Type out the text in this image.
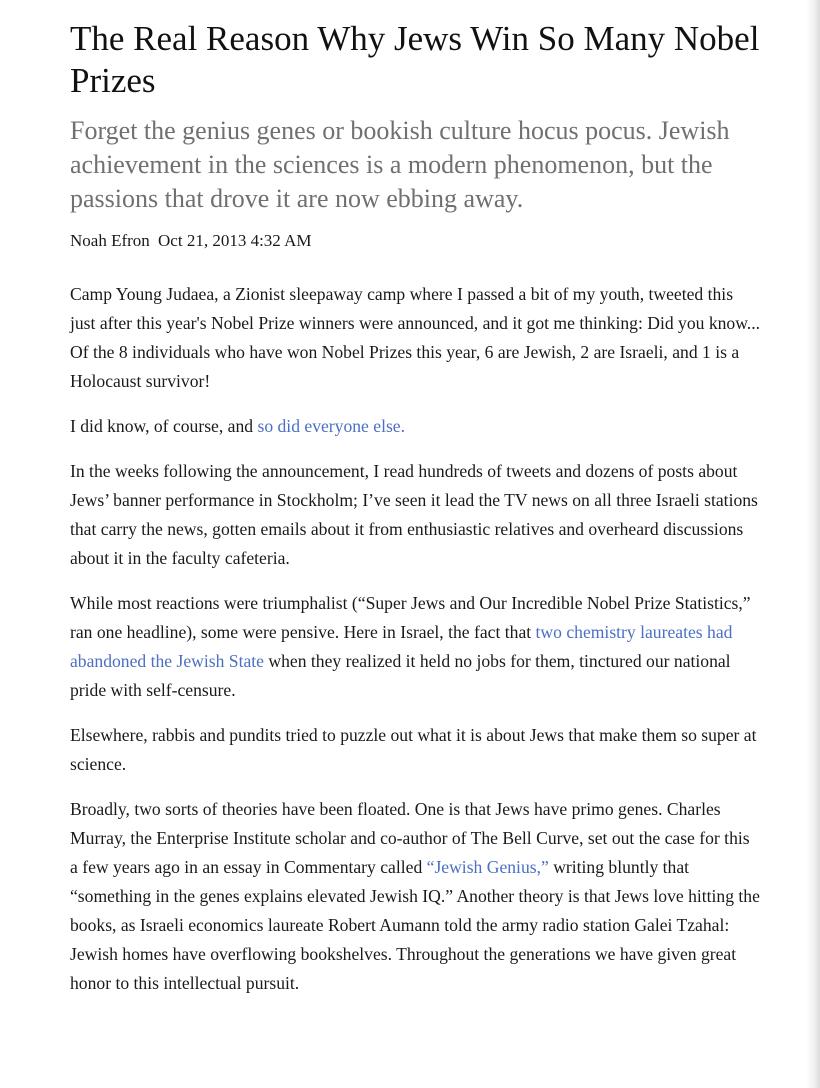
The Real Reason Why Jews Win So Many Nobel Prizes
Forget the genius genes or bookish culture hocus pocus. Jewish achievement in the sciences is a modern phenomenon, but the passions that drove it are now ebbing away.
Noah Efron Oct 21, 2013 4:32 AM

Camp Young Judaea, a Zionist sleepaway camp where I passed a bit of my youth, tweeted this just after this year's Nobel Prize winners were announced, and it got me thinking: Did you know... Of the 8 individuals who have won Nobel Prizes this year, 6 are Jewish, 2 are Israeli, and 1 is a Holocaust survivor!

I did know, of course, and so did everyone else.

In the weeks following the announcement, I read hundreds of tweets and dozens of posts about Jews’ banner performance in Stockholm; I’ve seen it lead the TV news on all three Israeli stations that carry the news, gotten emails about it from enthusiastic relatives and overheard discussions about it in the faculty cafeteria.

While most reactions were triumphalist (“Super Jews and Our Incredible Nobel Prize Statistics,” ran one headline), some were pensive. Here in Israel, the fact that two chemistry laureates had abandoned the Jewish State when they realized it held no jobs for them, tinctured our national pride with self-censure.

Elsewhere, rabbis and pundits tried to puzzle out what it is about Jews that make them so super at science.

Broadly, two sorts of theories have been floated. One is that Jews have primo genes. Charles Murray, the Enterprise Institute scholar and co-author of The Bell Curve, set out the case for this a few years ago in an essay in Commentary called “Jewish Genius,” writing bluntly that “something in the genes explains elevated Jewish IQ.” Another theory is that Jews love hitting the books, as Israeli economics laureate Robert Aumann told the army radio station Galei Tzahal: Jewish homes have overflowing bookshelves. Throughout the generations we have given great honor to this intellectual pursuit.
